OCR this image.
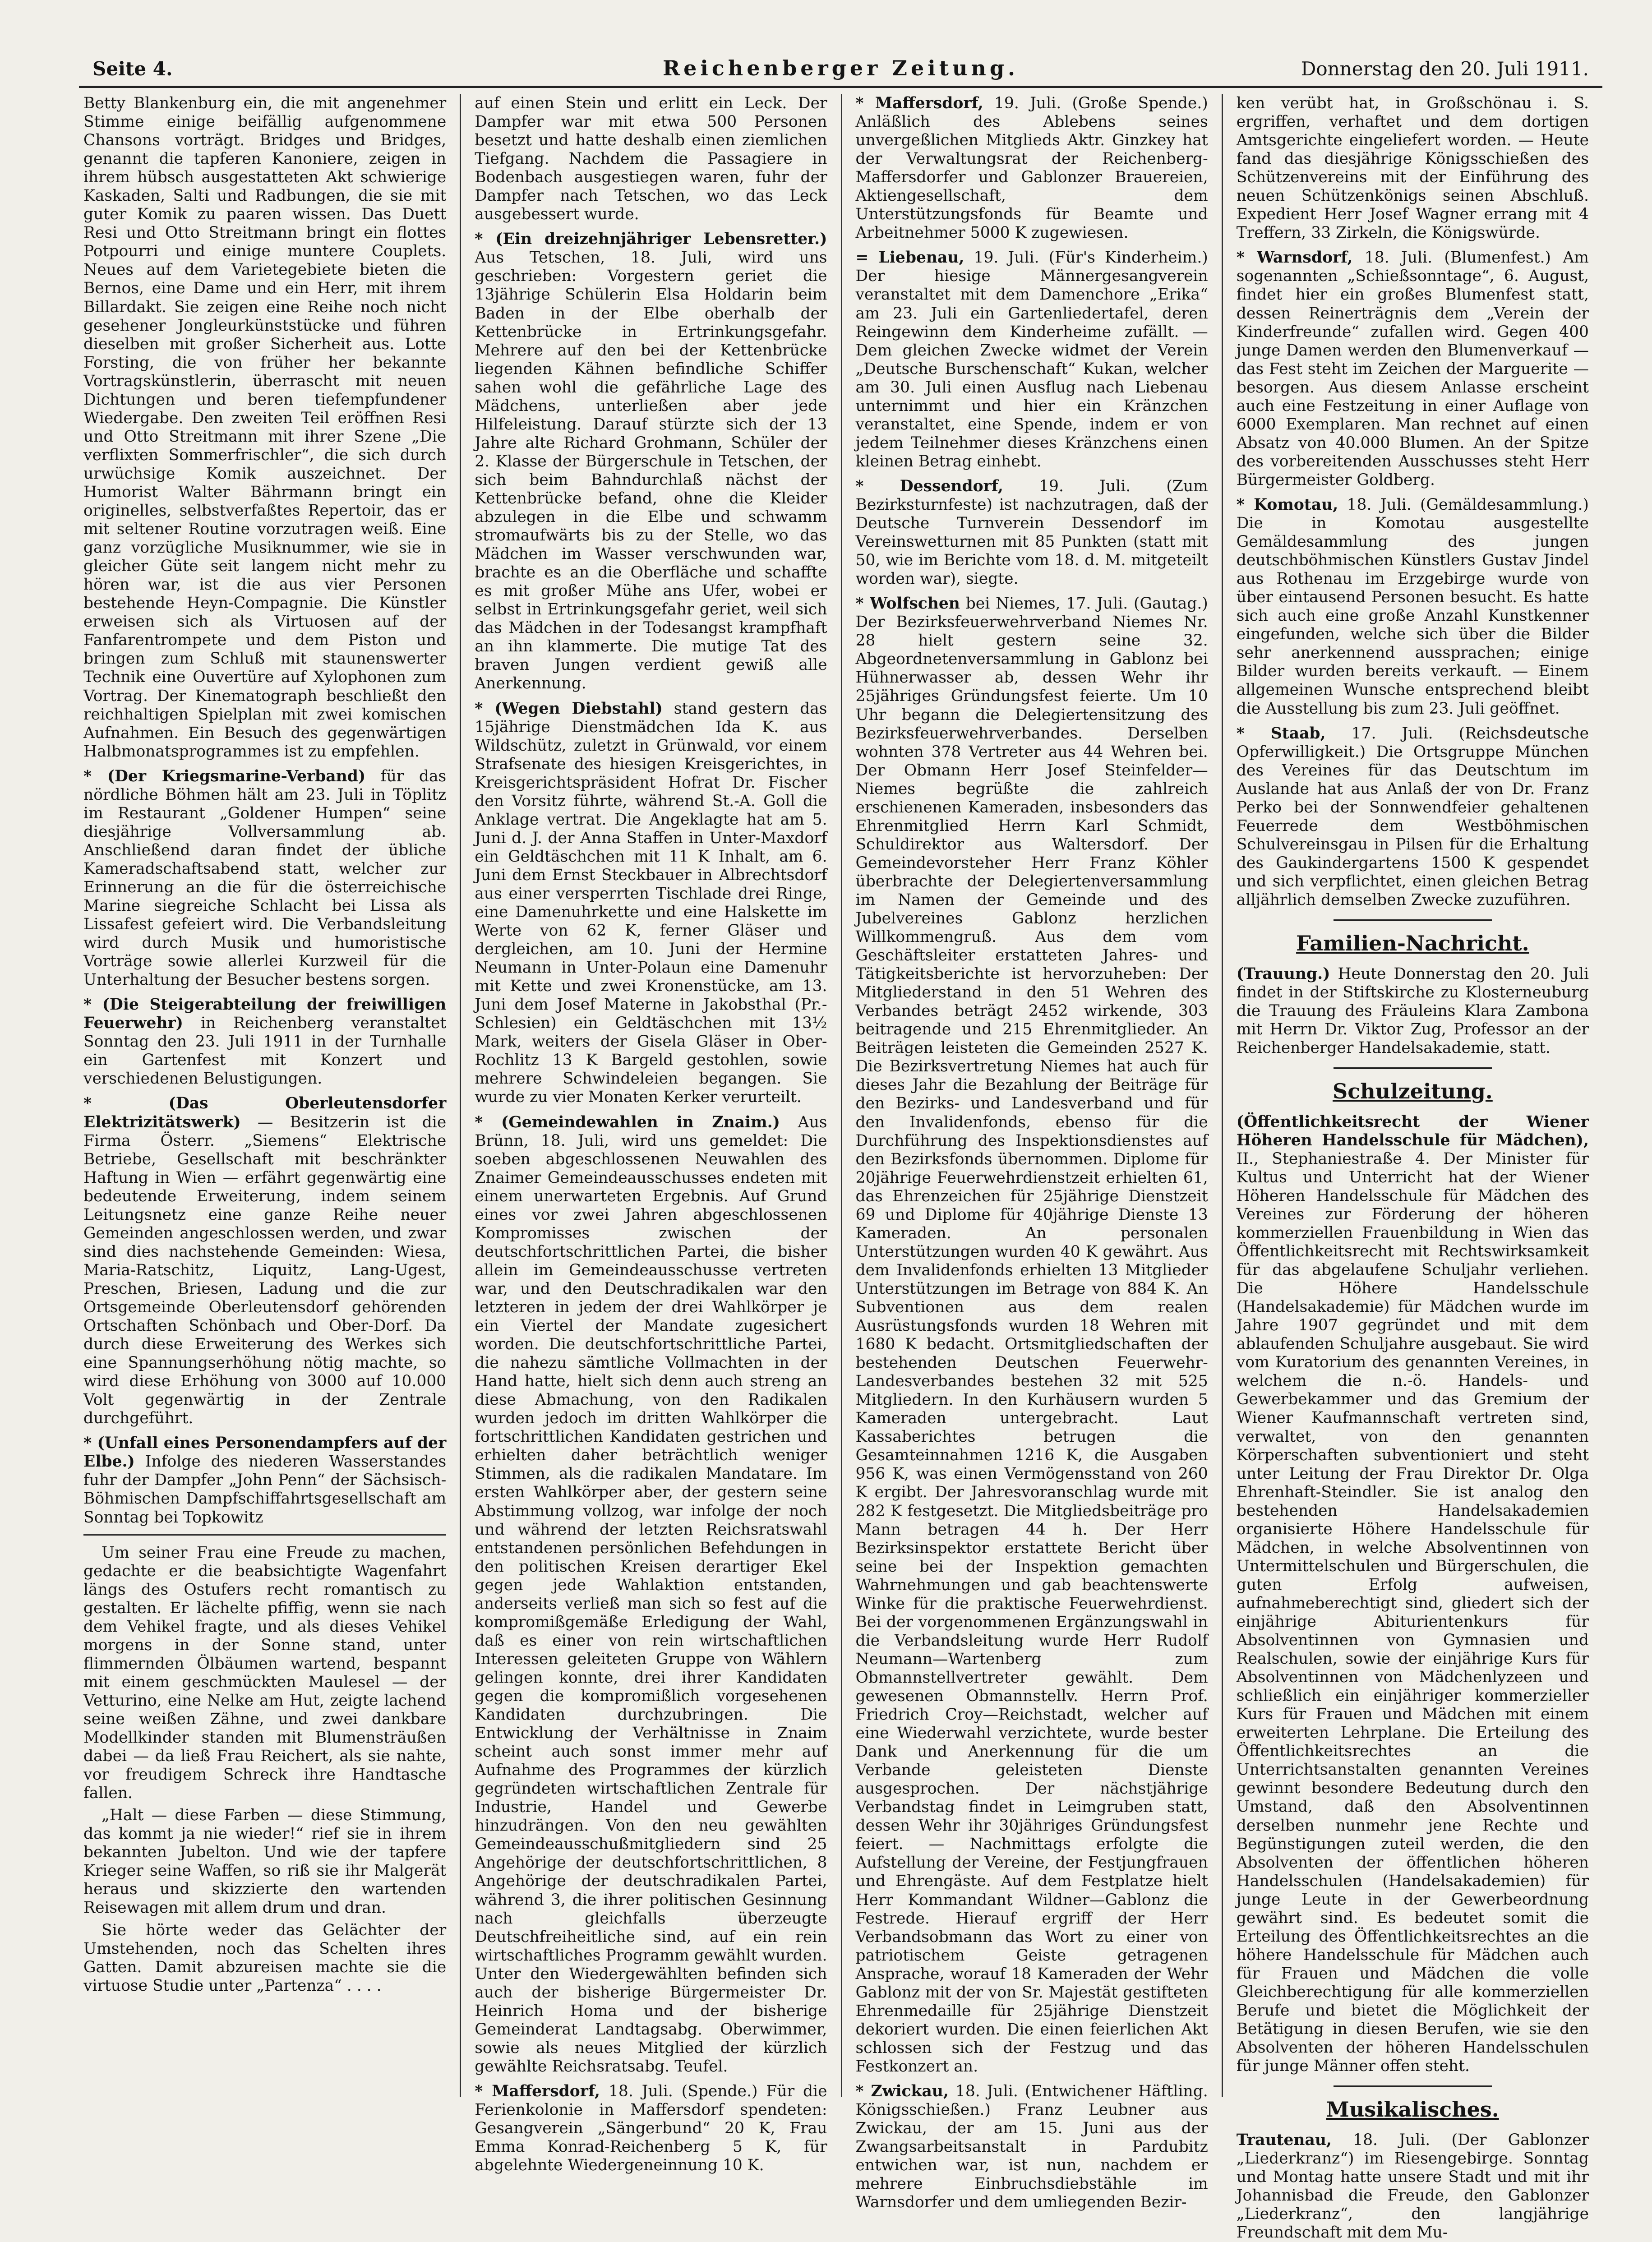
Seite 4.	Reichenberger Zeitung.	Donnerstag den 20. Juli 1911.
Betty Blankenburg ein, die mit angenehmer Stimme einige beifällig aufgenommene Chansons vorträgt. Bridges und Bridges, genannt die tapferen Kanoniere, zeigen in ihrem hübsch ausgestatteten Akt schwierige Kaskaden, Salti und Radbungen, die sie mit guter Komik zu paaren wissen. Das Duett Resi und Otto Streitmann bringt ein flottes Potpourri und einige muntere Couplets. Neues auf dem Varietegebiete bieten die Bernos, eine Dame und ein Herr, mit ihrem Billardakt. Sie zeigen eine Reihe noch nicht gesehener Jongleurkünststücke und führen dieselben mit großer Sicherheit aus. Lotte Forsting, die von früher her bekannte Vortragskünstlerin, überrascht mit neuen Dichtungen und beren tiefempfundener Wiedergabe. Den zweiten Teil eröffnen Resi und Otto Streitmann mit ihrer Szene „Die verflixten Sommerfrischler“, die sich durch urwüchsige Komik auszeichnet. Der Humorist Walter Bährmann bringt ein originelles, selbstverfaßtes Repertoir, das er mit seltener Routine vorzutragen weiß. Eine ganz vorzügliche Musiknummer, wie sie in gleicher Güte seit langem nicht mehr zu hören war, ist die aus vier Personen bestehende Heyn-Compagnie. Die Künstler erweisen sich als Virtuosen auf der Fanfarentrompete und dem Piston und bringen zum Schluß mit staunenswerter Technik eine Ouvertüre auf Xylophonen zum Vortrag. Der Kinematograph beschließt den reichhaltigen Spielplan mit zwei komischen Aufnahmen. Ein Besuch des gegenwärtigen Halbmonatsprogrammes ist zu empfehlen.
* (Der Kriegsmarine-Verband) für das nördliche Böhmen hält am 23. Juli in Töplitz im Restaurant „Goldener Humpen“ seine diesjährige Vollversammlung ab. Anschließend daran findet der übliche Kameradschaftsabend statt, welcher zur Erinnerung an die für die österreichische Marine siegreiche Schlacht bei Lissa als Lissafest gefeiert wird. Die Verbandsleitung wird durch Musik und humoristische Vorträge sowie allerlei Kurzweil für die Unterhaltung der Besucher bestens sorgen.
* (Die Steigerabteilung der freiwilligen Feuerwehr) in Reichenberg veranstaltet Sonntag den 23. Juli 1911 in der Turnhalle ein Gartenfest mit Konzert und verschiedenen Belustigungen.
* (Das Oberleutensdorfer Elektrizitätswerk) — Besitzerin ist die Firma Österr. „Siemens“ Elektrische Betriebe, Gesellschaft mit beschränkter Haftung in Wien — erfährt gegenwärtig eine bedeutende Erweiterung, indem seinem Leitungsnetz eine ganze Reihe neuer Gemeinden angeschlossen werden, und zwar sind dies nachstehende Gemeinden: Wiesa, Maria-Ratschitz, Liquitz, Lang-Ugest, Preschen, Briesen, Ladung und die zur Ortsgemeinde Oberleutensdorf gehörenden Ortschaften Schönbach und Ober-Dorf. Da durch diese Erweiterung des Werkes sich eine Spannungserhöhung nötig machte, so wird diese Erhöhung von 3000 auf 10.000 Volt gegenwärtig in der Zentrale durchgeführt.
* (Unfall eines Personendampfers auf der Elbe.) Infolge des niederen Wasserstandes fuhr der Dampfer „John Penn“ der Sächsisch-Böhmischen Dampfschiffahrtsgesellschaft am Sonntag bei Topkowitz

Um seiner Frau eine Freude zu machen, gedachte er die beabsichtigte Wagenfahrt längs des Ostufers recht romantisch zu gestalten. Er lächelte pfiffig, wenn sie nach dem Vehikel fragte, und als dieses Vehikel morgens in der Sonne stand, unter flimmernden Ölbäumen wartend, bespannt mit einem geschmückten Maulesel — der Vetturino, eine Nelke am Hut, zeigte lachend seine weißen Zähne, und zwei dankbare Modellkinder standen mit Blumensträußen dabei — da ließ Frau Reichert, als sie nahte, vor freudigem Schreck ihre Handtasche fallen.

„Halt — diese Farben — diese Stimmung, das kommt ja nie wieder!“ rief sie in ihrem bekannten Jubelton. Und wie der tapfere Krieger seine Waffen, so riß sie ihr Malgerät heraus und skizzierte den wartenden Reisewagen mit allem drum und dran.

Sie hörte weder das Gelächter der Umstehenden, noch das Schelten ihres Gatten. Damit abzureisen machte sie die virtuose Studie unter „Partenza“ . . . .

auf einen Stein und erlitt ein Leck. Der Dampfer war mit etwa 500 Personen besetzt und hatte deshalb einen ziemlichen Tiefgang. Nachdem die Passagiere in Bodenbach ausgestiegen waren, fuhr der Dampfer nach Tetschen, wo das Leck ausgebessert wurde.
* (Ein dreizehnjähriger Lebensretter.) Aus Tetschen, 18. Juli, wird uns geschrieben: Vorgestern geriet die 13jährige Schülerin Elsa Holdarin beim Baden in der Elbe oberhalb der Kettenbrücke in Ertrinkungsgefahr. Mehrere auf den bei der Kettenbrücke liegenden Kähnen befindliche Schiffer sahen wohl die gefährliche Lage des Mädchens, unterließen aber jede Hilfeleistung. Darauf stürzte sich der 13 Jahre alte Richard Grohmann, Schüler der 2. Klasse der Bürgerschule in Tetschen, der sich beim Bahndurchlaß nächst der Kettenbrücke befand, ohne die Kleider abzulegen in die Elbe und schwamm stromaufwärts bis zu der Stelle, wo das Mädchen im Wasser verschwunden war, brachte es an die Oberfläche und schaffte es mit großer Mühe ans Ufer, wobei er selbst in Ertrinkungsgefahr geriet, weil sich das Mädchen in der Todesangst krampfhaft an ihn klammerte. Die mutige Tat des braven Jungen verdient gewiß alle Anerkennung.
* (Wegen Diebstahl) stand gestern das 15jährige Dienstmädchen Ida K. aus Wildschütz, zuletzt in Grünwald, vor einem Strafsenate des hiesigen Kreisgerichtes, in Kreisgerichtspräsident Hofrat Dr. Fischer den Vorsitz führte, während St.-A. Goll die Anklage vertrat. Die Angeklagte hat am 5. Juni d. J. der Anna Staffen in Unter-Maxdorf ein Geldtäschchen mit 11 K Inhalt, am 6. Juni dem Ernst Steckbauer in Albrechtsdorf aus einer versperrten Tischlade drei Ringe, eine Damenuhrkette und eine Halskette im Werte von 62 K, ferner Gläser und dergleichen, am 10. Juni der Hermine Neumann in Unter-Polaun eine Damenuhr mit Kette und zwei Kronenstücke, am 13. Juni dem Josef Materne in Jakobsthal (Pr.-Schlesien) ein Geldtäschchen mit 13½ Mark, weiters der Gisela Gläser in Ober-Rochlitz 13 K Bargeld gestohlen, sowie mehrere Schwindeleien begangen. Sie wurde zu vier Monaten Kerker verurteilt.
* (Gemeindewahlen in Znaim.) Aus Brünn, 18. Juli, wird uns gemeldet: Die soeben abgeschlossenen Neuwahlen des Znaimer Gemeindeausschusses endeten mit einem unerwarteten Ergebnis. Auf Grund eines vor zwei Jahren abgeschlossenen Kompromisses zwischen der deutschfortschrittlichen Partei, die bisher allein im Gemeindeausschusse vertreten war, und den Deutschradikalen war den letzteren in jedem der drei Wahlkörper je ein Viertel der Mandate zugesichert worden. Die deutschfortschrittliche Partei, die nahezu sämtliche Vollmachten in der Hand hatte, hielt sich denn auch streng an diese Abmachung, von den Radikalen wurden jedoch im dritten Wahlkörper die fortschrittlichen Kandidaten gestrichen und erhielten daher beträchtlich weniger Stimmen, als die radikalen Mandatare. Im ersten Wahlkörper aber, der gestern seine Abstimmung vollzog, war infolge der noch und während der letzten Reichsratswahl entstandenen persönlichen Befehdungen in den politischen Kreisen derartiger Ekel gegen jede Wahlaktion entstanden, anderseits verließ man sich so fest auf die kompromißgemäße Erledigung der Wahl, daß es einer von rein wirtschaftlichen Interessen geleiteten Gruppe von Wählern gelingen konnte, drei ihrer Kandidaten gegen die kompromißlich vorgesehenen Kandidaten durchzubringen. Die Entwicklung der Verhältnisse in Znaim scheint auch sonst immer mehr auf Aufnahme des Programmes der kürzlich gegründeten wirtschaftlichen Zentrale für Industrie, Handel und Gewerbe hinzudrängen. Von den neu gewählten Gemeindeausschußmitgliedern sind 25 Angehörige der deutschfortschrittlichen, 8 Angehörige der deutschradikalen Partei, während 3, die ihrer politischen Gesinnung nach gleichfalls überzeugte Deutschfreiheitliche sind, auf ein rein wirtschaftliches Programm gewählt wurden. Unter den Wiedergewählten befinden sich auch der bisherige Bürgermeister Dr. Heinrich Homa und der bisherige Gemeinderat Landtagsabg. Oberwimmer, sowie als neues Mitglied der kürzlich gewählte Reichsratsabg. Teufel.
* Maffersdorf, 18. Juli. (Spende.) Für die Ferienkolonie in Maffersdorf spendeten: Gesangverein „Sängerbund“ 20 K, Frau Emma Konrad-Reichenberg 5 K, für abgelehnte Wiedergeneinnung 10 K.
* Maffersdorf, 19. Juli. (Große Spende.) Anläßlich des Ablebens seines unvergeßlichen Mitglieds Aktr. Ginzkey hat der Verwaltungsrat der Reichenberg-Maffersdorfer und Gablonzer Brauereien, Aktiengesellschaft, dem Unterstützungsfonds für Beamte und Arbeitnehmer 5000 K zugewiesen.
= Liebenau, 19. Juli. (Für's Kinderheim.) Der hiesige Männergesangverein veranstaltet mit dem Damenchore „Erika“ am 23. Juli ein Gartenliedertafel, deren Reingewinn dem Kinderheime zufällt. — Dem gleichen Zwecke widmet der Verein „Deutsche Burschenschaft“ Kukan, welcher am 30. Juli einen Ausflug nach Liebenau unternimmt und hier ein Kränzchen veranstaltet, eine Spende, indem er von jedem Teilnehmer dieses Kränzchens einen kleinen Betrag einhebt.
* Dessendorf, 19. Juli. (Zum Bezirksturnfeste) ist nachzutragen, daß der Deutsche Turnverein Dessendorf im Vereinswetturnen mit 85 Punkten (statt mit 50, wie im Berichte vom 18. d. M. mitgeteilt worden war), siegte.
* Wolfschen bei Niemes, 17. Juli. (Gautag.) Der Bezirksfeuerwehrverband Niemes Nr. 28 hielt gestern seine 32. Abgeordnetenversammlung in Gablonz bei Hühnerwasser ab, dessen Wehr ihr 25jähriges Gründungsfest feierte. Um 10 Uhr begann die Delegiertensitzung des Bezirksfeuerwehrverbandes. Derselben wohnten 378 Vertreter aus 44 Wehren bei. Der Obmann Herr Josef Steinfelder—Niemes begrüßte die zahlreich erschienenen Kameraden, insbesonders das Ehrenmitglied Herrn Karl Schmidt, Schuldirektor aus Waltersdorf. Der Gemeindevorsteher Herr Franz Köhler überbrachte der Delegiertenversammlung im Namen der Gemeinde und des Jubelvereines Gablonz herzlichen Willkommengruß. Aus dem vom Geschäftsleiter erstatteten Jahres- und Tätigkeitsberichte ist hervorzuheben: Der Mitgliederstand in den 51 Wehren des Verbandes beträgt 2452 wirkende, 303 beitragende und 215 Ehrenmitglieder. An Beiträgen leisteten die Gemeinden 2527 K. Die Bezirksvertretung Niemes hat auch für dieses Jahr die Bezahlung der Beiträge für den Bezirks- und Landesverband und für den Invalidenfonds, ebenso für die Durchführung des Inspektionsdienstes auf den Bezirksfonds übernommen. Diplome für 20jährige Feuerwehrdienstzeit erhielten 61, das Ehrenzeichen für 25jährige Dienstzeit 69 und Diplome für 40jährige Dienste 13 Kameraden. An personalen Unterstützungen wurden 40 K gewährt. Aus dem Invalidenfonds erhielten 13 Mitglieder Unterstützungen im Betrage von 884 K. An Subventionen aus dem realen Ausrüstungsfonds wurden 18 Wehren mit 1680 K bedacht. Ortsmitgliedschaften der bestehenden Deutschen Feuerwehr-Landesverbandes bestehen 32 mit 525 Mitgliedern. In den Kurhäusern wurden 5 Kameraden untergebracht. Laut Kassaberichtes betrugen die Gesamteinnahmen 1216 K, die Ausgaben 956 K, was einen Vermögensstand von 260 K ergibt. Der Jahresvoranschlag wurde mit 282 K festgesetzt. Die Mitgliedsbeiträge pro Mann betragen 44 h. Der Herr Bezirksinspektor erstattete Bericht über seine bei der Inspektion gemachten Wahrnehmungen und gab beachtenswerte Winke für die praktische Feuerwehrdienst. Bei der vorgenommenen Ergänzungswahl in die Verbandsleitung wurde Herr Rudolf Neumann—Wartenberg zum Obmannstellvertreter gewählt. Dem gewesenen Obmannstellv. Herrn Prof. Friedrich Croy—Reichstadt, welcher auf eine Wiederwahl verzichtete, wurde bester Dank und Anerkennung für die um Verbande geleisteten Dienste ausgesprochen. Der nächstjährige Verbandstag findet in Leimgruben statt, dessen Wehr ihr 30jähriges Gründungsfest feiert. — Nachmittags erfolgte die Aufstellung der Vereine, der Festjungfrauen und Ehrengäste. Auf dem Festplatze hielt Herr Kommandant Wildner—Gablonz die Festrede. Hierauf ergriff der Herr Verbandsobmann das Wort zu einer von patriotischem Geiste getragenen Ansprache, worauf 18 Kameraden der Wehr Gablonz mit der von Sr. Majestät gestifteten Ehrenmedaille für 25jährige Dienstzeit dekoriert wurden. Die einen feierlichen Akt schlossen sich der Festzug und das Festkonzert an.
* Zwickau, 18. Juli. (Entwichener Häftling. Königsschießen.) Franz Leubner aus Zwickau, der am 15. Juni aus der Zwangsarbeitsanstalt in Pardubitz entwichen war, ist nun, nachdem er mehrere Einbruchsdiebstähle im Warnsdorfer und dem umliegenden Bezir-
ken verübt hat, in Großschönau i. S. ergriffen, verhaftet und dem dortigen Amtsgerichte eingeliefert worden. — Heute fand das diesjährige Königsschießen des Schützenvereins mit der Einführung des neuen Schützenkönigs seinen Abschluß. Expedient Herr Josef Wagner errang mit 4 Treffern, 33 Zirkeln, die Königswürde.
* Warnsdorf, 18. Juli. (Blumenfest.) Am sogenannten „Schießsonntage“, 6. August, findet hier ein großes Blumenfest statt, dessen Reinerträgnis dem „Verein der Kinderfreunde“ zufallen wird. Gegen 400 junge Damen werden den Blumenverkauf — das Fest steht im Zeichen der Marguerite — besorgen. Aus diesem Anlasse erscheint auch eine Festzeitung in einer Auflage von 6000 Exemplaren. Man rechnet auf einen Absatz von 40.000 Blumen. An der Spitze des vorbereitenden Ausschusses steht Herr Bürgermeister Goldberg.
* Komotau, 18. Juli. (Gemäldesammlung.) Die in Komotau ausgestellte Gemäldesammlung des jungen deutschböhmischen Künstlers Gustav Jindel aus Rothenau im Erzgebirge wurde von über eintausend Personen besucht. Es hatte sich auch eine große Anzahl Kunstkenner eingefunden, welche sich über die Bilder sehr anerkennend aussprachen; einige Bilder wurden bereits verkauft. — Einem allgemeinen Wunsche entsprechend bleibt die Ausstellung bis zum 23. Juli geöffnet.
* Staab, 17. Juli. (Reichsdeutsche Opferwilligkeit.) Die Ortsgruppe München des Vereines für das Deutschtum im Auslande hat aus Anlaß der von Dr. Franz Perko bei der Sonnwendfeier gehaltenen Feuerrede dem Westböhmischen Schulvereinsgau in Pilsen für die Erhaltung des Gaukindergartens 1500 K gespendet und sich verpflichtet, einen gleichen Betrag alljährlich demselben Zwecke zuzuführen.
Familien-Nachricht.
(Trauung.) Heute Donnerstag den 20. Juli findet in der Stiftskirche zu Klosterneuburg die Trauung des Fräuleins Klara Zambona mit Herrn Dr. Viktor Zug, Professor an der Reichenberger Handelsakademie, statt.
Schulzeitung.
(Öffentlichkeitsrecht der Wiener Höheren Handelsschule für Mädchen), II., Stephaniestraße 4. Der Minister für Kultus und Unterricht hat der Wiener Höheren Handelsschule für Mädchen des Vereines zur Förderung der höheren kommerziellen Frauenbildung in Wien das Öffentlichkeitsrecht mit Rechtswirksamkeit für das abgelaufene Schuljahr verliehen. Die Höhere Handelsschule (Handelsakademie) für Mädchen wurde im Jahre 1907 gegründet und mit dem ablaufenden Schuljahre ausgebaut. Sie wird vom Kuratorium des genannten Vereines, in welchem die n.-ö. Handels- und Gewerbekammer und das Gremium der Wiener Kaufmannschaft vertreten sind, verwaltet, von den genannten Körperschaften subventioniert und steht unter Leitung der Frau Direktor Dr. Olga Ehrenhaft-Steindler. Sie ist analog den bestehenden Handelsakademien organisierte Höhere Handelsschule für Mädchen, in welche Absolventinnen von Untermittelschulen und Bürgerschulen, die guten Erfolg aufweisen, aufnahmeberechtigt sind, gliedert sich der einjährige Abiturientenkurs für Absolventinnen von Gymnasien und Realschulen, sowie der einjährige Kurs für Absolventinnen von Mädchenlyzeen und schließlich ein einjähriger kommerzieller Kurs für Frauen und Mädchen mit einem erweiterten Lehrplane. Die Erteilung des Öffentlichkeitsrechtes an die Unterrichtsanstalten genannten Vereines gewinnt besondere Bedeutung durch den Umstand, daß den Absolventinnen derselben nunmehr jene Rechte und Begünstigungen zuteil werden, die den Absolventen der öffentlichen höheren Handelsschulen (Handelsakademien) für junge Leute in der Gewerbeordnung gewährt sind. Es bedeutet somit die Erteilung des Öffentlichkeitsrechtes an die höhere Handelsschule für Mädchen auch für Frauen und Mädchen die volle Gleichberechtigung für alle kommerziellen Berufe und bietet die Möglichkeit der Betätigung in diesen Berufen, wie sie den Absolventen der höheren Handelsschulen für junge Männer offen steht.
Musikalisches.
Trautenau, 18. Juli. (Der Gablonzer „Liederkranz“) im Riesengebirge. Sonntag und Montag hatte unsere Stadt und mit ihr Johannisbad die Freude, den Gablonzer „Liederkranz“, den langjährige Freundschaft mit dem Mu-
